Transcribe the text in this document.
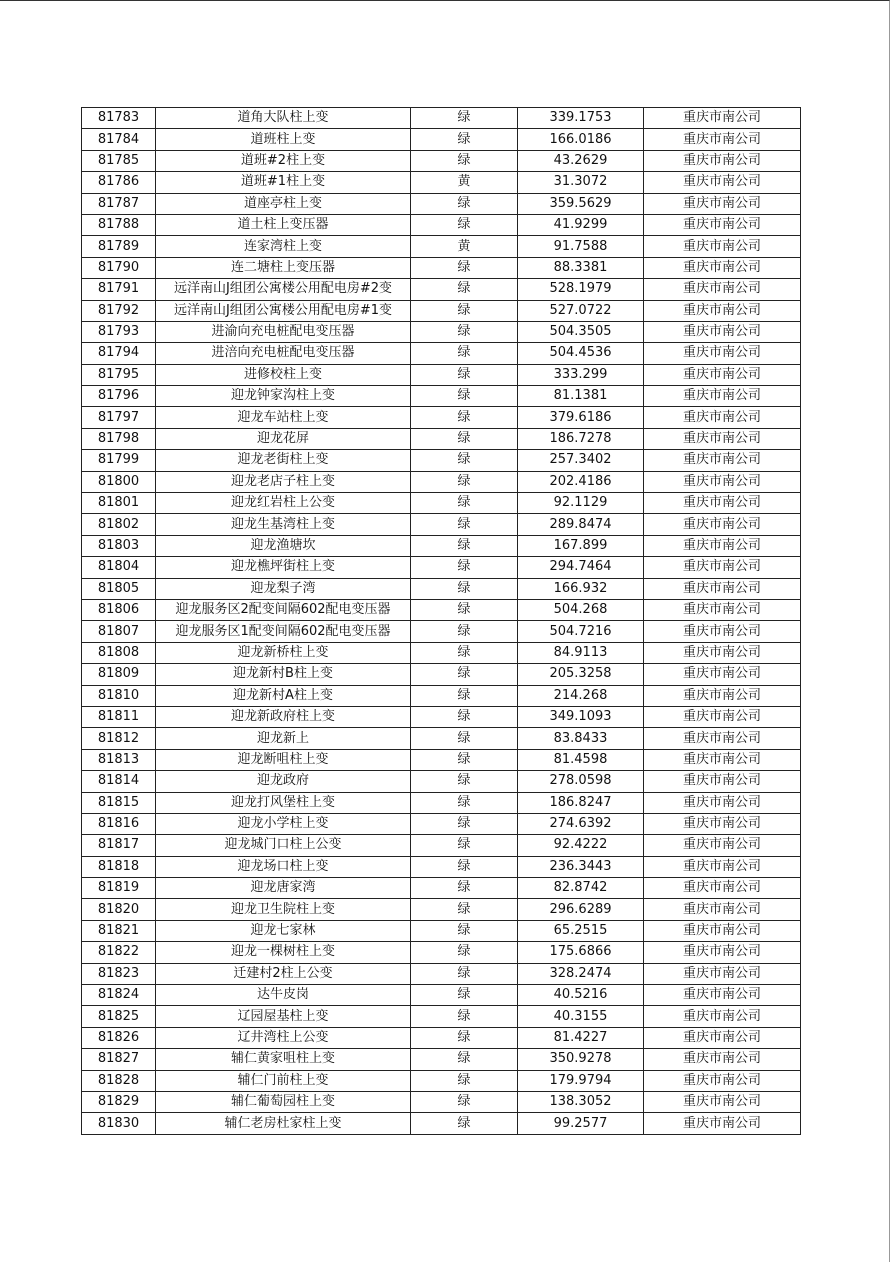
81783	道角大队柱上变	绿	339.1753	重庆市南公司
81784	道班柱上变	绿	166.0186	重庆市南公司
81785	道班#2柱上变	绿	43.2629	重庆市南公司
81786	道班#1柱上变	黄	31.3072	重庆市南公司
81787	道座亭柱上变	绿	359.5629	重庆市南公司
81788	道土柱上变压器	绿	41.9299	重庆市南公司
81789	连家湾柱上变	黄	91.7588	重庆市南公司
81790	连二塘柱上变压器	绿	88.3381	重庆市南公司
81791	远洋南山J组团公寓楼公用配电房#2变	绿	528.1979	重庆市南公司
81792	远洋南山J组团公寓楼公用配电房#1变	绿	527.0722	重庆市南公司
81793	进渝向充电桩配电变压器	绿	504.3505	重庆市南公司
81794	进涪向充电桩配电变压器	绿	504.4536	重庆市南公司
81795	进修校柱上变	绿	333.299	重庆市南公司
81796	迎龙钟家沟柱上变	绿	81.1381	重庆市南公司
81797	迎龙车站柱上变	绿	379.6186	重庆市南公司
81798	迎龙花屏	绿	186.7278	重庆市南公司
81799	迎龙老街柱上变	绿	257.3402	重庆市南公司
81800	迎龙老店子柱上变	绿	202.4186	重庆市南公司
81801	迎龙红岩柱上公变	绿	92.1129	重庆市南公司
81802	迎龙生基湾柱上变	绿	289.8474	重庆市南公司
81803	迎龙渔塘坎	绿	167.899	重庆市南公司
81804	迎龙樵坪街柱上变	绿	294.7464	重庆市南公司
81805	迎龙梨子湾	绿	166.932	重庆市南公司
81806	迎龙服务区2配变间隔602配电变压器	绿	504.268	重庆市南公司
81807	迎龙服务区1配变间隔602配电变压器	绿	504.7216	重庆市南公司
81808	迎龙新桥柱上变	绿	84.9113	重庆市南公司
81809	迎龙新村B柱上变	绿	205.3258	重庆市南公司
81810	迎龙新村A柱上变	绿	214.268	重庆市南公司
81811	迎龙新政府柱上变	绿	349.1093	重庆市南公司
81812	迎龙新上	绿	83.8433	重庆市南公司
81813	迎龙断咀柱上变	绿	81.4598	重庆市南公司
81814	迎龙政府	绿	278.0598	重庆市南公司
81815	迎龙打风堡柱上变	绿	186.8247	重庆市南公司
81816	迎龙小学柱上变	绿	274.6392	重庆市南公司
81817	迎龙城门口柱上公变	绿	92.4222	重庆市南公司
81818	迎龙场口柱上变	绿	236.3443	重庆市南公司
81819	迎龙唐家湾	绿	82.8742	重庆市南公司
81820	迎龙卫生院柱上变	绿	296.6289	重庆市南公司
81821	迎龙七家林	绿	65.2515	重庆市南公司
81822	迎龙一棵树柱上变	绿	175.6866	重庆市南公司
81823	迁建村2柱上公变	绿	328.2474	重庆市南公司
81824	达牛皮岗	绿	40.5216	重庆市南公司
81825	辽园屋基柱上变	绿	40.3155	重庆市南公司
81826	辽井湾柱上公变	绿	81.4227	重庆市南公司
81827	辅仁黄家咀柱上变	绿	350.9278	重庆市南公司
81828	辅仁门前柱上变	绿	179.9794	重庆市南公司
81829	辅仁葡萄园柱上变	绿	138.3052	重庆市南公司
81830	辅仁老房杜家柱上变	绿	99.2577	重庆市南公司
